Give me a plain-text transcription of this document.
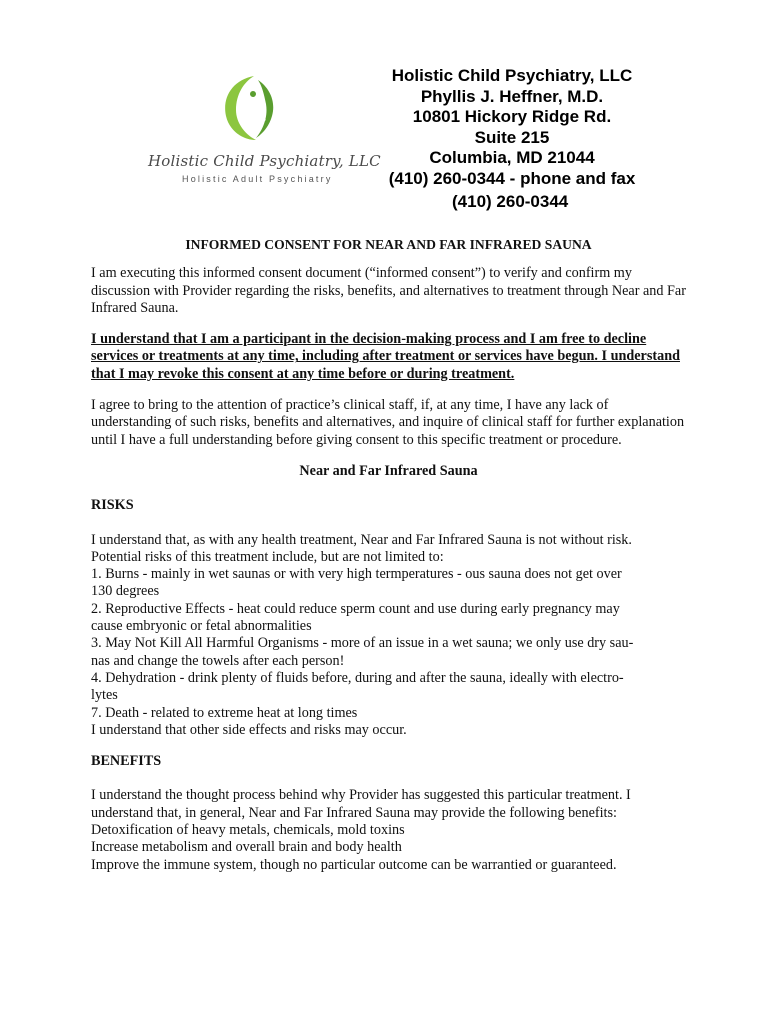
Holistic Child Psychiatry, LLC
Holistic Adult Psychiatry
Holistic Child Psychiatry, LLC
Phyllis J. Heffner, M.D.
10801 Hickory Ridge Rd.
Suite 215
Columbia, MD 21044
(410) 260-0344 - phone and fax
(410) 260-0344
INFORMED CONSENT FOR NEAR AND FAR INFRARED SAUNA

I am executing this informed consent document (“informed consent”) to verify and confirm my discussion with Provider regarding the risks, benefits, and alternatives to treatment through Near and Far Infrared Sauna.

I understand that I am a participant in the decision-making process and I am free to decline services or treatments at any time, including after treatment or services have begun. I understand that I may revoke this consent at any time before or during treatment.

I agree to bring to the attention of practice’s clinical staff, if, at any time, I have any lack of understanding of such risks, benefits and alternatives, and inquire of clinical staff for further explanation until I have a full understanding before giving consent to this specific treatment or procedure.

Near and Far Infrared Sauna
RISKS
I understand that, as with any health treatment, Near and Far Infrared Sauna is not without risk.
Potential risks of this treatment include, but are not limited to:
1. Burns - mainly in wet saunas or with very high termperatures - ous sauna does not get over
130 degrees
2. Reproductive Effects - heat could reduce sperm count and use during early pregnancy may
cause embryonic or fetal abnormalities
3. May Not Kill All Harmful Organisms - more of an issue in a wet sauna; we only use dry sau-
nas and change the towels after each person!
4. Dehydration - drink plenty of fluids before, during and after the sauna, ideally with electro-
lytes
7. Death - related to extreme heat at long times
I understand that other side effects and risks may occur.
BENEFITS
I understand the thought process behind why Provider has suggested this particular treatment. I
understand that, in general, Near and Far Infrared Sauna may provide the following benefits:
Detoxification of heavy metals, chemicals, mold toxins
Increase metabolism and overall brain and body health
Improve the immune system, though no particular outcome can be warrantied or guaranteed.
